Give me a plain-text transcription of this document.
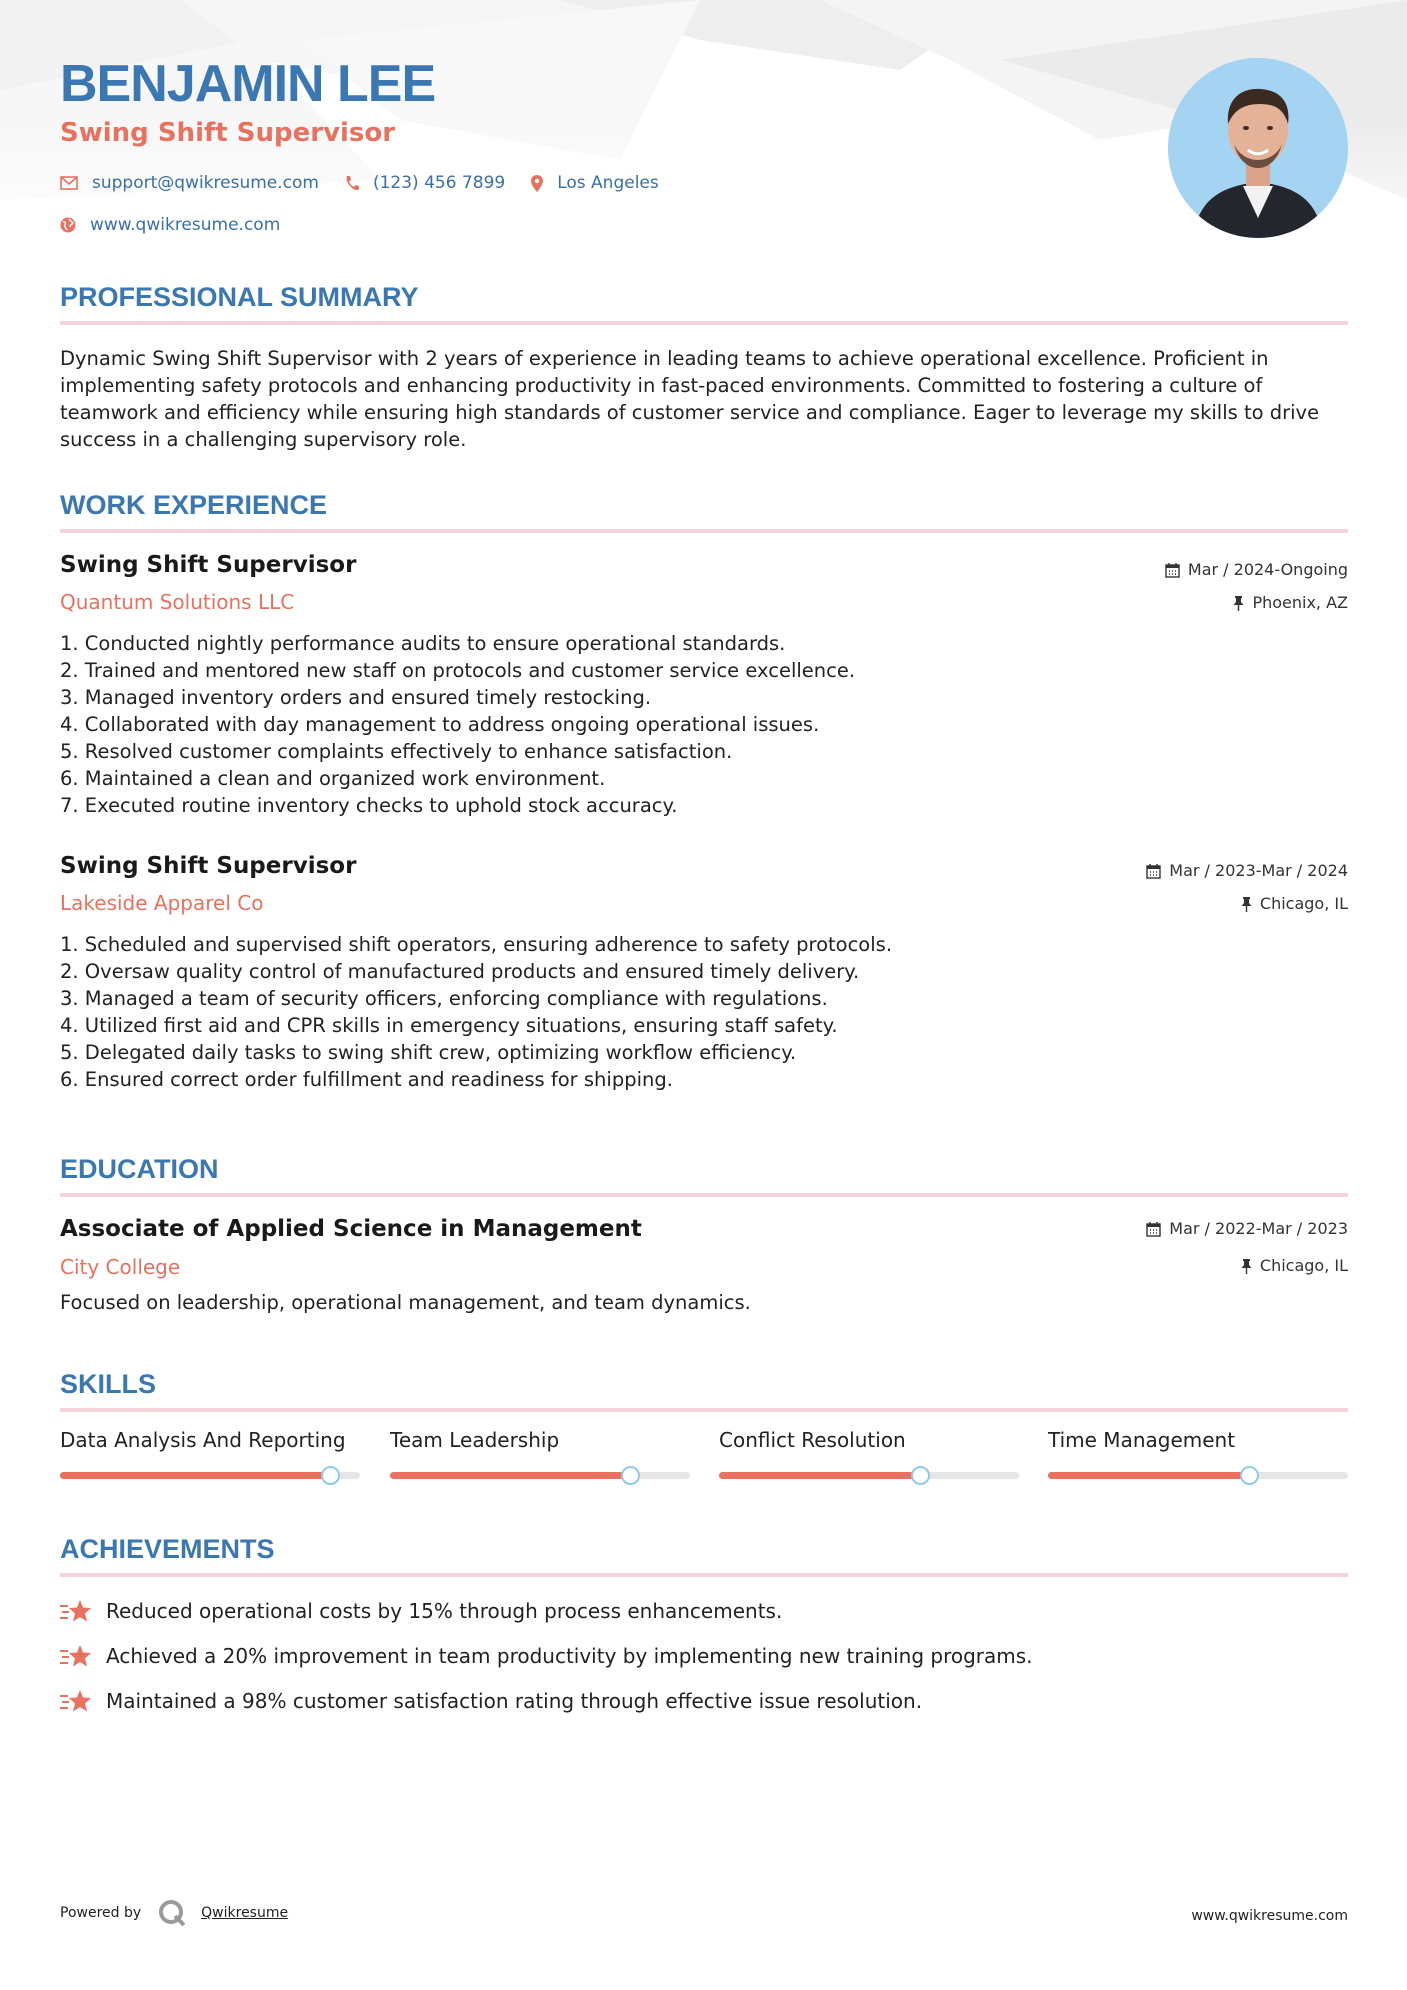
BENJAMIN LEE
Swing Shift Supervisor
support@qwikresume.com	(123) 456 7899	Los Angeles
www.qwikresume.com
PROFESSIONAL SUMMARY

Dynamic Swing Shift Supervisor with 2 years of experience in leading teams to achieve operational excellence. Proficient in implementing safety protocols and enhancing productivity in fast-paced environments. Committed to fostering a culture of teamwork and efficiency while ensuring high standards of customer service and compliance. Eager to leverage my skills to drive success in a challenging supervisory role.

WORK EXPERIENCE
Swing Shift Supervisor
Quantum Solutions LLC
Mar / 2024-Ongoing
Phoenix, AZ
1. Conducted nightly performance audits to ensure operational standards.
2. Trained and mentored new staff on protocols and customer service excellence.
3. Managed inventory orders and ensured timely restocking.
4. Collaborated with day management to address ongoing operational issues.
5. Resolved customer complaints effectively to enhance satisfaction.
6. Maintained a clean and organized work environment.
7. Executed routine inventory checks to uphold stock accuracy.
Swing Shift Supervisor
Lakeside Apparel Co
Mar / 2023-Mar / 2024
Chicago, IL
1. Scheduled and supervised shift operators, ensuring adherence to safety protocols.
2. Oversaw quality control of manufactured products and ensured timely delivery.
3. Managed a team of security officers, enforcing compliance with regulations.
4. Utilized first aid and CPR skills in emergency situations, ensuring staff safety.
5. Delegated daily tasks to swing shift crew, optimizing workflow efficiency.
6. Ensured correct order fulfillment and readiness for shipping.
EDUCATION
Associate of Applied Science in Management
City College
Mar / 2022-Mar / 2023
Chicago, IL

Focused on leadership, operational management, and team dynamics.

SKILLS

Data Analysis And Reporting	Team Leadership	Conflict Resolution	Time Management

ACHIEVEMENTS
Reduced operational costs by 15% through process enhancements.
Achieved a 20% improvement in team productivity by implementing new training programs.
Maintained a 98% customer satisfaction rating through effective issue resolution.
Powered by	Qwikresume	www.qwikresume.com
